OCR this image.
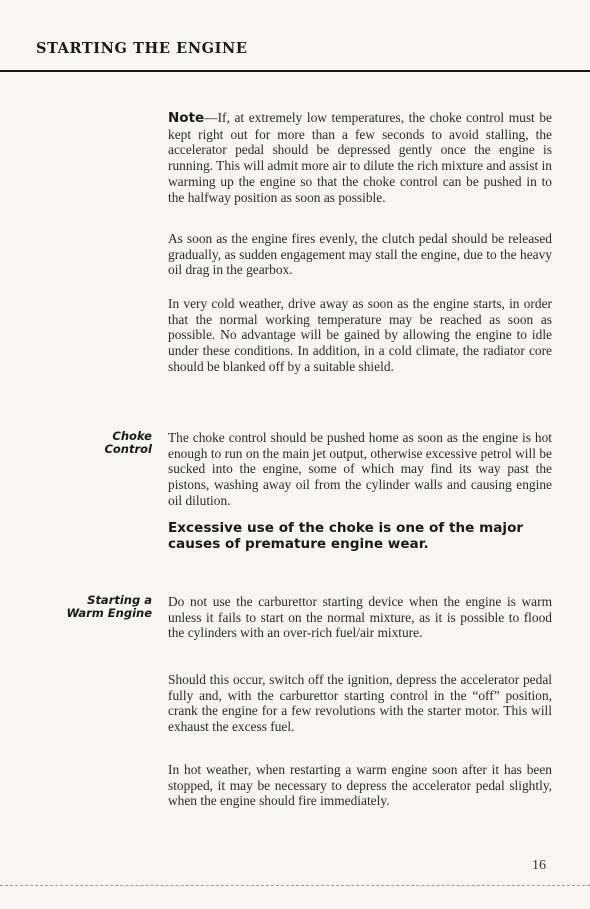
STARTING THE ENGINE

Note—If, at extremely low temperatures, the choke control must be kept right out for more than a few seconds to avoid stalling, the accelerator pedal should be depressed gently once the engine is running. This will admit more air to dilute the rich mixture and assist in warming up the engine so that the choke control can be pushed in to the halfway position as soon as possible.

As soon as the engine fires evenly, the clutch pedal should be released gradually, as sudden engagement may stall the engine, due to the heavy oil drag in the gearbox.

In very cold weather, drive away as soon as the engine starts, in order that the normal working temperature may be reached as soon as possible. No advantage will be gained by allowing the engine to idle under these conditions. In addition, in a cold climate, the radiator core should be blanked off by a suitable shield.

Choke
Control

The choke control should be pushed home as soon as the engine is hot enough to run on the main jet output, otherwise excessive petrol will be sucked into the engine, some of which may find its way past the pistons, washing away oil from the cylinder walls and causing engine oil dilution.

Excessive use of the choke is one of the major causes of premature engine wear.
Starting a
Warm Engine

Do not use the carburettor starting device when the engine is warm unless it fails to start on the normal mixture, as it is possible to flood the cylinders with an over-rich fuel/air mixture.

Should this occur, switch off the ignition, depress the accelerator pedal fully and, with the carburettor starting control in the “off” position, crank the engine for a few revolutions with the starter motor. This will exhaust the excess fuel.

In hot weather, when restarting a warm engine soon after it has been stopped, it may be necessary to depress the accelerator pedal slightly, when the engine should fire immediately.

16
